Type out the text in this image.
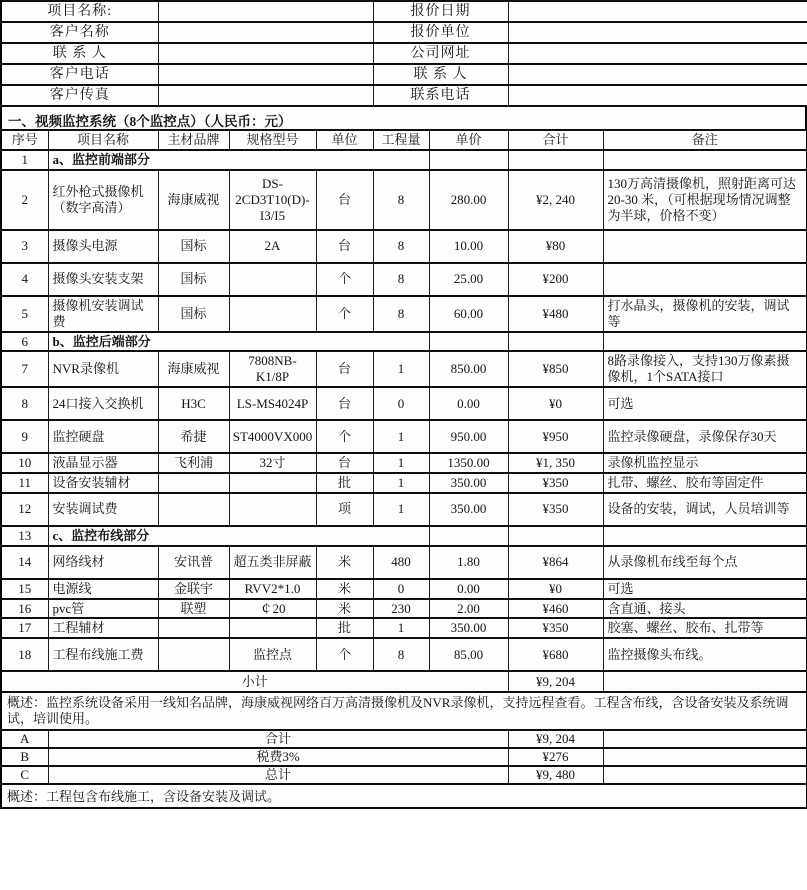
项目名称:		报价日期	
客户名称		报价单位	
联 系 人		公司网址	
客户电话		联 系 人	
客户传真		联系电话	
一、视频监控系统（8个监控点）（人民币：元）
序号	项目名称	主材品牌	规格型号	单位	工程量	单价	合计	备注
1	a、监控前端部分							
2	红外枪式摄像机（数字高清）	海康威视	DS-2CD3T10(D)-I3/I5	台	8	280.00	¥2, 240	130万高清摄像机，照射距离可达20-30 米，（可根据现场情况调整为半球，价格不变）
3	摄像头电源	国标	2A	台	8	10.00	¥80	
4	摄像头安装支架	国标		个	8	25.00	¥200	
5	摄像机安装调试费	国标		个	8	60.00	¥480	打水晶头，摄像机的安装，调试等
6	b、监控后端部分							
7	NVR录像机	海康威视	7808NB-K1/8P	台	1	850.00	¥850	8路录像接入，支持130万像素摄像机，1个SATA接口
8	24口接入交换机	H3C	LS-MS4024P	台	0	0.00	¥0	可选
9	监控硬盘	希捷	ST4000VX000	个	1	950.00	¥950	监控录像硬盘，录像保存30天
10	液晶显示器	飞利浦	32寸	台	1	1350.00	¥1, 350	录像机监控显示
11	设备安装辅材			批	1	350.00	¥350	扎带、螺丝、胶布等固定件
12	安装调试费			项	1	350.00	¥350	设备的安装，调试，人员培训等
13	c、监控布线部分							
14	网络线材	安讯普	超五类非屏蔽	米	480	1.80	¥864	从录像机布线至每个点
15	电源线	金联宇	RVV2*1.0	米	0	0.00	¥0	可选
16	pvc管	联塑	￠20	米	230	2.00	¥460	含直通、接头
17	工程辅材			批	1	350.00	¥350	胶塞、螺丝、胶布、扎带等
18	工程布线施工费		监控点	个	8	85.00	¥680	监控摄像头布线。
小计							¥9, 204	
概述：监控系统设备采用一线知名品牌，海康威视网络百万高清摄像机及NVR录像机，支持远程查看。工程含布线，含设备安装及系统调试，培训使用。								
A	合计						¥9, 204	
B	税费3%						¥276	
C	总计						¥9, 480	
概述：工程包含布线施工，含设备安装及调试。								
